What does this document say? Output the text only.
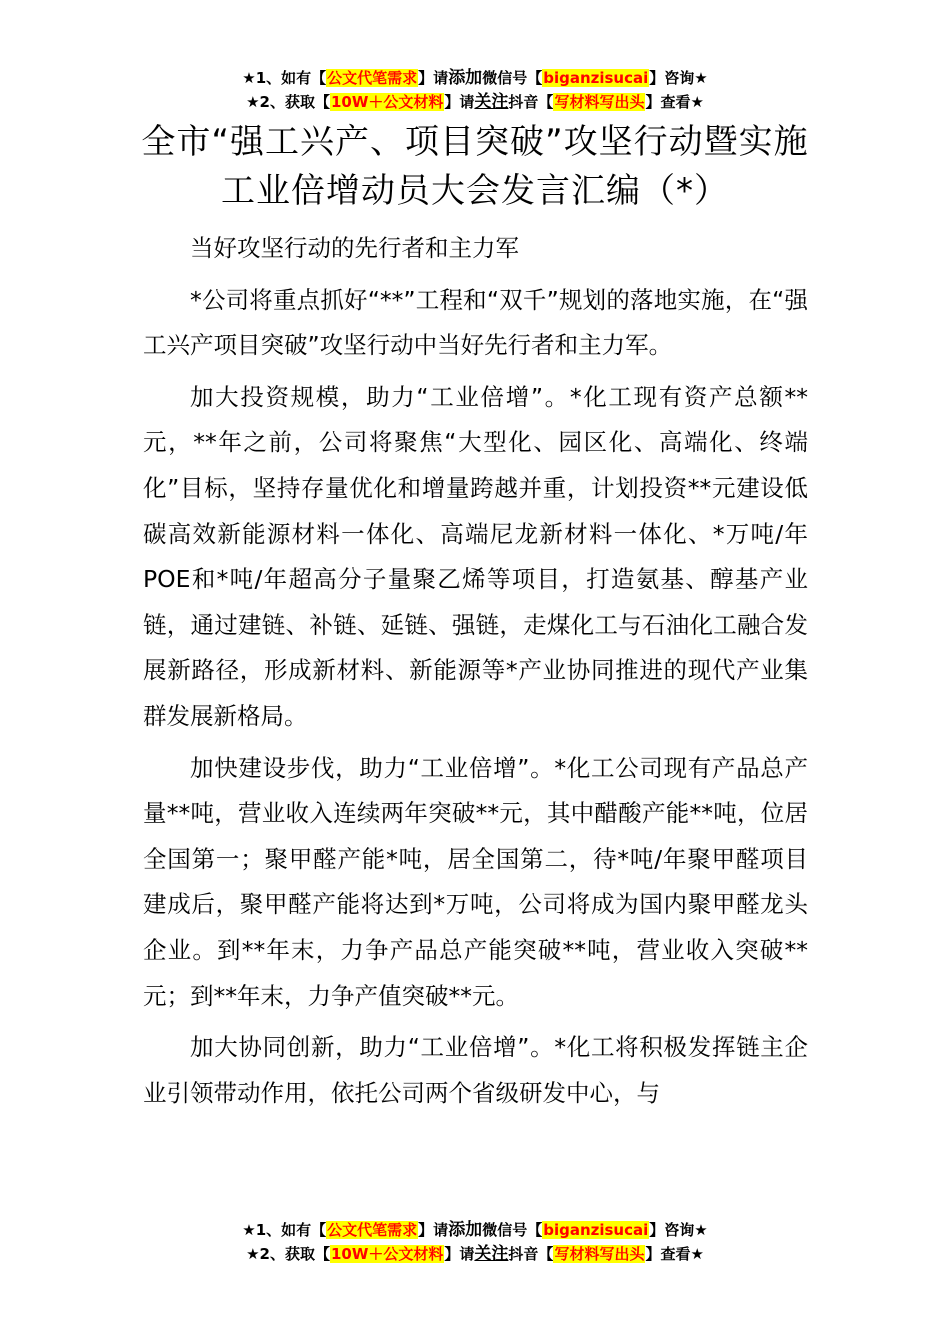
★1、如有【公文代笔需求】请添加微信号【biganzisucai】咨询★
★2、获取【10W＋公文材料】请关注抖音【写材料写出头】查看★
全市“强工兴产、项目突破”攻坚行动暨实施工业倍增动员大会发言汇编（*）

当好攻坚行动的先行者和主力军

*公司将重点抓好“**”工程和“双千”规划的落地实施，在“强工兴产项目突破”攻坚行动中当好先行者和主力军。

加大投资规模，助力“工业倍增”。*化工现有资产总额**元，**年之前，公司将聚焦“大型化、园区化、高端化、终端化”目标，坚持存量优化和增量跨越并重，计划投资**元建设低碳高效新能源材料一体化、高端尼龙新材料一体化、*万吨/年POE和*吨/年超高分子量聚乙烯等项目，打造氨基、醇基产业链，通过建链、补链、延链、强链，走煤化工与石油化工融合发展新路径，形成新材料、新能源等*产业协同推进的现代产业集群发展新格局。

加快建设步伐，助力“工业倍增”。*化工公司现有产品总产量**吨，营业收入连续两年突破**元，其中醋酸产能**吨，位居全国第一；聚甲醛产能*吨，居全国第二，待*吨/年聚甲醛项目建成后，聚甲醛产能将达到*万吨，公司将成为国内聚甲醛龙头企业。到**年末，力争产品总产能突破**吨，营业收入突破**元；到**年末，力争产值突破**元。

加大协同创新，助力“工业倍增”。*化工将积极发挥链主企业引领带动作用，依托公司两个省级研发中心，与

★1、如有【公文代笔需求】请添加微信号【biganzisucai】咨询★
★2、获取【10W＋公文材料】请关注抖音【写材料写出头】查看★
